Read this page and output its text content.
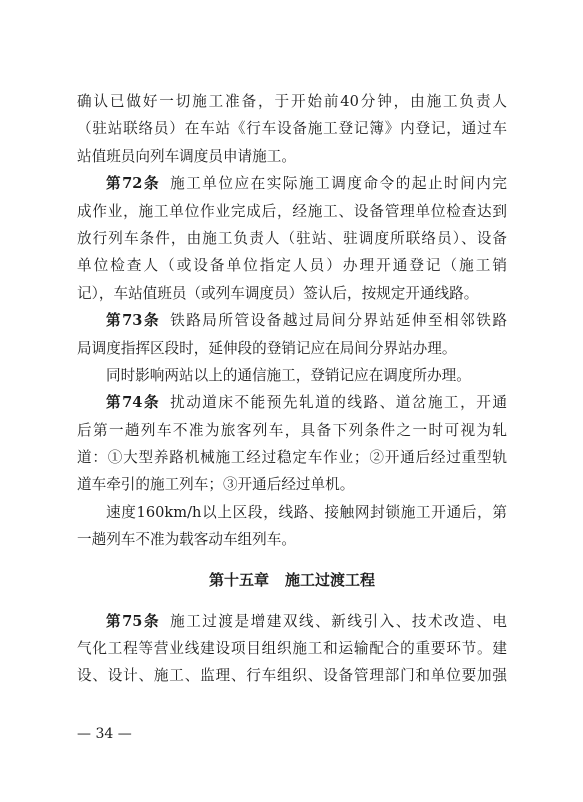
确认已做好一切施工准备，于开始前40分钟，由施工负责人
（驻站联络员）在车站《行车设备施工登记簿》内登记，通过车
站值班员向列车调度员申请施工。
第72条 施工单位应在实际施工调度命令的起止时间内完
成作业，施工单位作业完成后，经施工、设备管理单位检查达到
放行列车条件，由施工负责人（驻站、驻调度所联络员）、设备
单位检查人（或设备单位指定人员）办理开通登记（施工销
记），车站值班员（或列车调度员）签认后，按规定开通线路。
第73条 铁路局所管设备越过局间分界站延伸至相邻铁路
局调度指挥区段时，延伸段的登销记应在局间分界站办理。
同时影响两站以上的通信施工，登销记应在调度所办理。
第74条 扰动道床不能预先轧道的线路、道岔施工，开通
后第一趟列车不准为旅客列车，具备下列条件之一时可视为轧
道：①大型养路机械施工经过稳定车作业；②开通后经过重型轨
道车牵引的施工列车；③开通后经过单机。
速度160km/h以上区段，线路、接触网封锁施工开通后，第
一趟列车不准为载客动车组列车。
第十五章 施工过渡工程
第75条 施工过渡是增建双线、新线引入、技术改造、电
气化工程等营业线建设项目组织施工和运输配合的重要环节。建
设、设计、施工、监理、行车组织、设备管理部门和单位要加强
— 34 —
